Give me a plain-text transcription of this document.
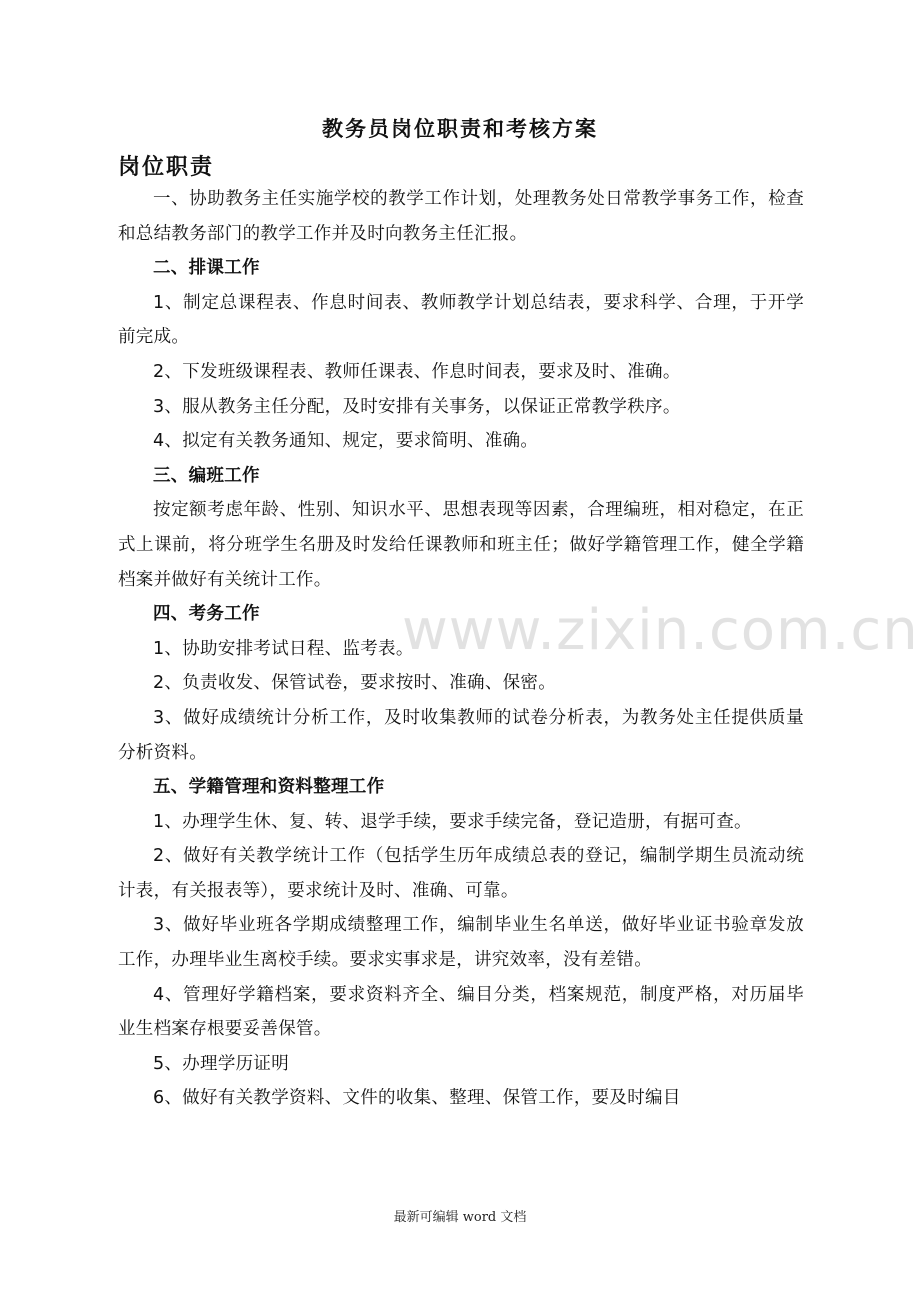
教务员岗位职责和考核方案
岗位职责

一、协助教务主任实施学校的教学工作计划，处理教务处日常教学事务工作，检查和总结教务部门的教学工作并及时向教务主任汇报。

二、排课工作

1、制定总课程表、作息时间表、教师教学计划总结表，要求科学、合理，于开学前完成。

2、下发班级课程表、教师任课表、作息时间表，要求及时、准确。

3、服从教务主任分配，及时安排有关事务，以保证正常教学秩序。

4、拟定有关教务通知、规定，要求简明、准确。

三、编班工作

按定额考虑年龄、性别、知识水平、思想表现等因素，合理编班，相对稳定，在正式上课前，将分班学生名册及时发给任课教师和班主任；做好学籍管理工作，健全学籍档案并做好有关统计工作。

四、考务工作

1、协助安排考试日程、监考表。

2、负责收发、保管试卷，要求按时、准确、保密。

3、做好成绩统计分析工作，及时收集教师的试卷分析表，为教务处主任提供质量分析资料。

五、学籍管理和资料整理工作

1、办理学生休、复、转、退学手续，要求手续完备，登记造册，有据可查。

2、做好有关教学统计工作（包括学生历年成绩总表的登记，编制学期生员流动统计表，有关报表等），要求统计及时、准确、可靠。

3、做好毕业班各学期成绩整理工作，编制毕业生名单送，做好毕业证书验章发放工作，办理毕业生离校手续。要求实事求是，讲究效率，没有差错。

4、管理好学籍档案，要求资料齐全、编目分类，档案规范，制度严格，对历届毕业生档案存根要妥善保管。

5、办理学历证明

6、做好有关教学资料、文件的收集、整理、保管工作，要及时编目

www.zixin.com.cn
最新可编辑 word 文档
